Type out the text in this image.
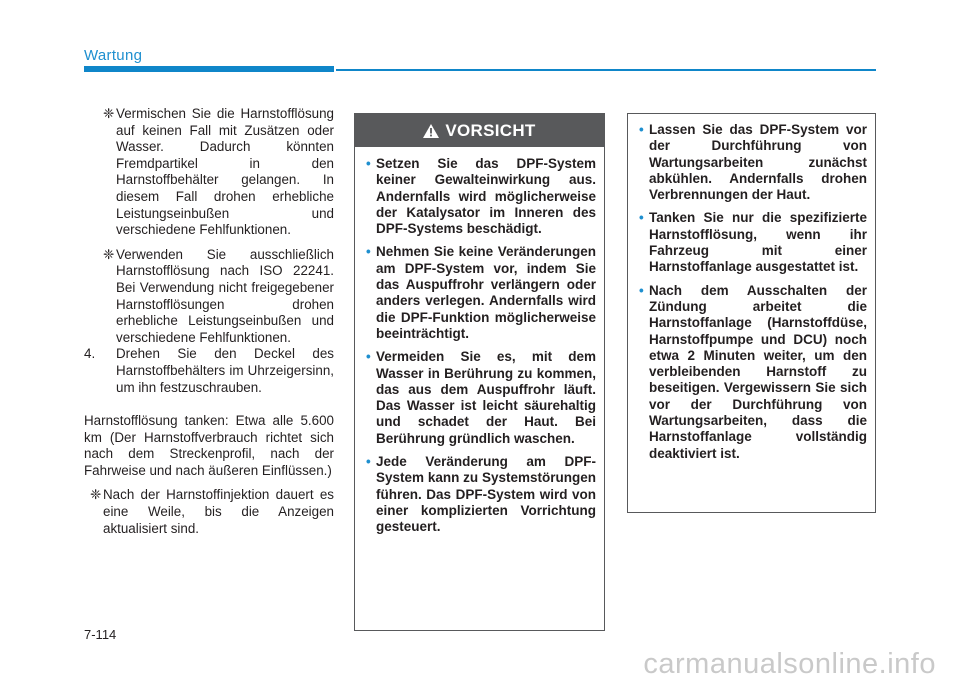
Wartung

❈ Vermischen Sie die Harnstofflösung auf keinen Fall mit Zusätzen oder Wasser. Dadurch könnten Fremdpartikel in den Harnstoffbehälter gelangen. In diesem Fall drohen erhebliche Leistungseinbußen und verschiedene Fehlfunktionen.

❈ Verwenden Sie ausschließlich Harnstofflösung nach ISO 22241. Bei Verwendung nicht freigegebener Harnstofflösungen drohen erhebliche Leistungseinbußen und verschiedene Fehlfunktionen.

4. Drehen Sie den Deckel des Harnstoffbehälters im Uhrzeigersinn, um ihn festzuschrauben.

Harnstofflösung tanken: Etwa alle 5.600 km (Der Harnstoffverbrauch richtet sich nach dem Streckenprofil, nach der Fahrweise und nach äußeren Einflüssen.)

❈ Nach der Harnstoffinjektion dauert es eine Weile, bis die Anzeigen aktualisiert sind.

VORSICHT

• Setzen Sie das DPF-System keiner Gewalteinwirkung aus. Andernfalls wird möglicherweise der Katalysator im Inneren des DPF-Systems beschädigt.

• Nehmen Sie keine Veränderungen am DPF-System vor, indem Sie das Auspuffrohr verlängern oder anders verlegen. Andernfalls wird die DPF-Funktion möglicherweise beeinträchtigt.

• Vermeiden Sie es, mit dem Wasser in Berührung zu kommen, das aus dem Auspuffrohr läuft. Das Wasser ist leicht säurehaltig und schadet der Haut. Bei Berührung gründlich waschen.

• Jede Veränderung am DPF-System kann zu Systemstörungen führen. Das DPF-System wird von einer komplizierten Vorrichtung gesteuert.

• Lassen Sie das DPF-System vor der Durchführung von Wartungsarbeiten zunächst abkühlen. Andernfalls drohen Verbrennungen der Haut.

• Tanken Sie nur die spezifizierte Harnstofflösung, wenn ihr Fahrzeug mit einer Harnstoffanlage ausgestattet ist.

• Nach dem Ausschalten der Zündung arbeitet die Harnstoffanlage (Harnstoffdüse, Harnstoffpumpe und DCU) noch etwa 2 Minuten weiter, um den verbleibenden Harnstoff zu beseitigen. Vergewissern Sie sich vor der Durchführung von Wartungsarbeiten, dass die Harnstoffanlage vollständig deaktiviert ist.

7-114
carmanualsonline.info
